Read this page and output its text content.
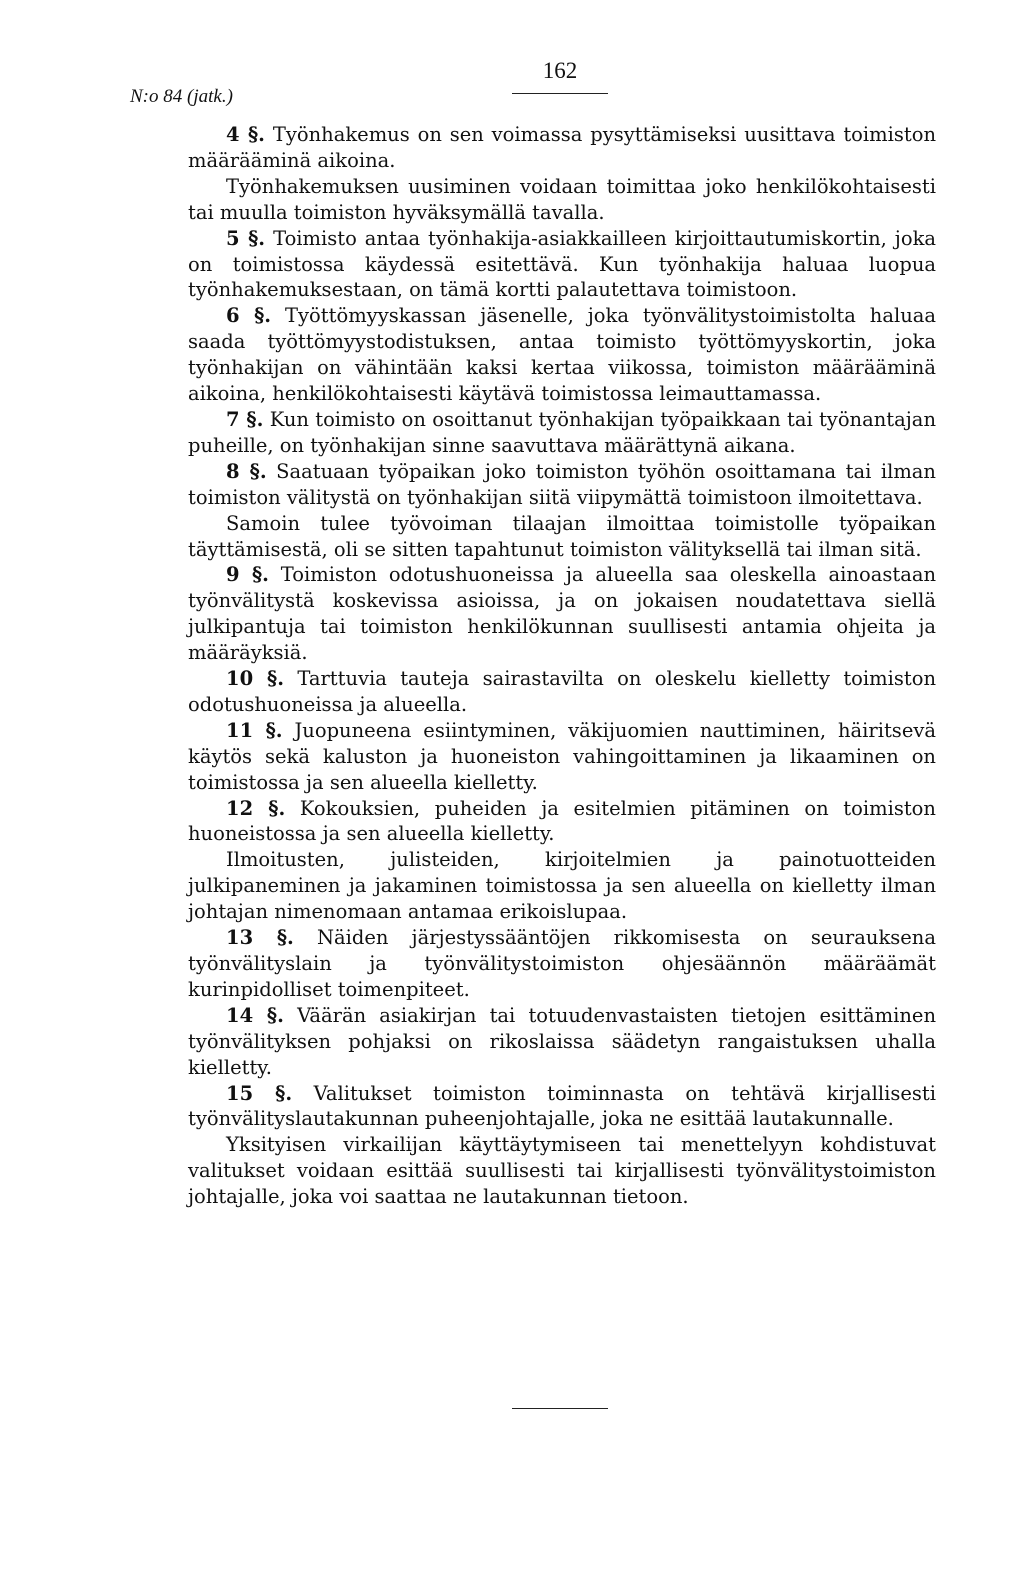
N:o 84 (jatk.)
162

4 §. Työnhakemus on sen voimassa pysyttämiseksi uusittava toimiston määrääminä aikoina.

Työnhakemuksen uusiminen voidaan toimittaa joko henkilökohtaisesti tai muulla toimiston hyväksymällä tavalla.

5 §. Toimisto antaa työnhakija-asiakkailleen kirjoittautumiskortin, joka on toimistossa käydessä esitettävä. Kun työnhakija haluaa luopua työnhakemuksestaan, on tämä kortti palautettava toimistoon.

6 §. Työttömyyskassan jäsenelle, joka työnvälitystoimistolta haluaa saada työttömyystodistuksen, antaa toimisto työttömyyskortin, joka työnhakijan on vähintään kaksi kertaa viikossa, toimiston määrääminä aikoina, henkilökohtaisesti käytävä toimistossa leimauttamassa.

7 §. Kun toimisto on osoittanut työnhakijan työpaikkaan tai työnantajan puheille, on työnhakijan sinne saavuttava määrättynä aikana.

8 §. Saatuaan työpaikan joko toimiston työhön osoittamana tai ilman toimiston välitystä on työnhakijan siitä viipymättä toimistoon ilmoitettava.

Samoin tulee työvoiman tilaajan ilmoittaa toimistolle työpaikan täyttämisestä, oli se sitten tapahtunut toimiston välityksellä tai ilman sitä.

9 §. Toimiston odotushuoneissa ja alueella saa oleskella ainoastaan työnvälitystä koskevissa asioissa, ja on jokaisen noudatettava siellä julkipantuja tai toimiston henkilökunnan suullisesti antamia ohjeita ja määräyksiä.

10 §. Tarttuvia tauteja sairastavilta on oleskelu kielletty toimiston odotushuoneissa ja alueella.

11 §. Juopuneena esiintyminen, väkijuomien nauttiminen, häiritsevä käytös sekä kaluston ja huoneiston vahingoittaminen ja likaaminen on toimistossa ja sen alueella kielletty.

12 §. Kokouksien, puheiden ja esitelmien pitäminen on toimiston huoneistossa ja sen alueella kielletty.

Ilmoitusten, julisteiden, kirjoitelmien ja painotuotteiden julkipaneminen ja jakaminen toimistossa ja sen alueella on kielletty ilman johtajan nimenomaan antamaa erikoislupaa.

13 §. Näiden järjestyssääntöjen rikkomisesta on seurauksena työnvälityslain ja työnvälitystoimiston ohjesäännön määräämät kurinpidolliset toimenpiteet.

14 §. Väärän asiakirjan tai totuudenvastaisten tietojen esittäminen työnvälityksen pohjaksi on rikoslaissa säädetyn rangaistuksen uhalla kielletty.

15 §. Valitukset toimiston toiminnasta on tehtävä kirjallisesti työnvälityslautakunnan puheenjohtajalle, joka ne esittää lautakunnalle.

Yksityisen virkailijan käyttäytymiseen tai menettelyyn kohdistuvat valitukset voidaan esittää suullisesti tai kirjallisesti työnvälitystoimiston johtajalle, joka voi saattaa ne lautakunnan tietoon.
